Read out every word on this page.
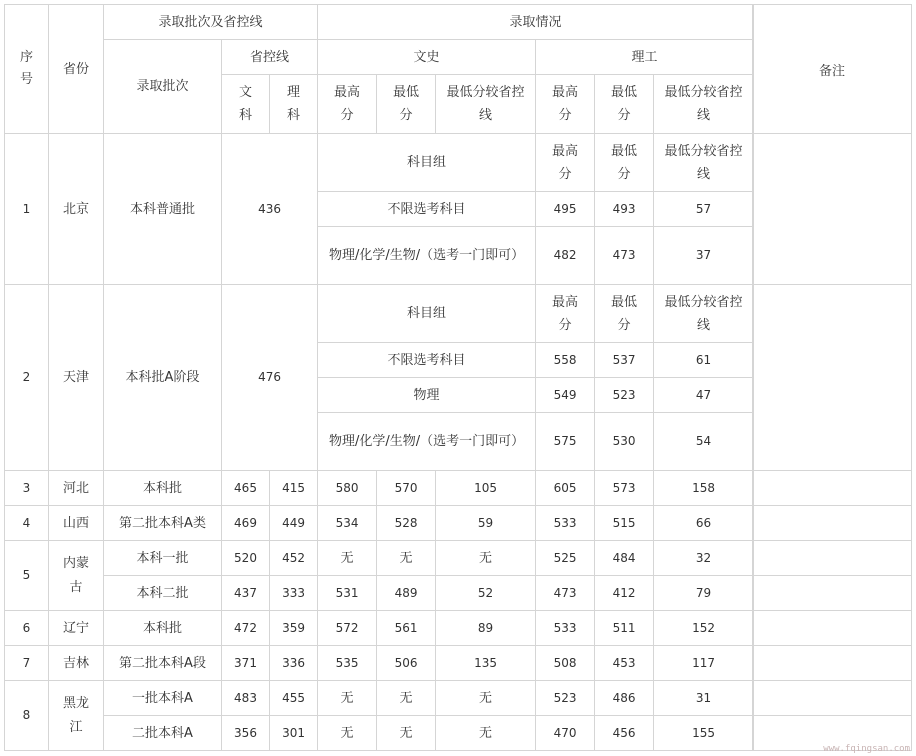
序号	省份	录取批次及省控线			录取情况					
		录取批次	省控线		文史			理工		
			文科	理科	最高分	最低分	最低分较省控线	最高分	最低分	最低分较省控线
1	北京	本科普通批	436		科目组			最高分	最低分	最低分较省控线
					不限选考科目			495	493	57
					物理/化学/生物/（选考一门即可）			482	473	37
2	天津	本科批A阶段	476		科目组			最高分	最低分	最低分较省控线
					不限选考科目			558	537	61
					物理			549	523	47
					物理/化学/生物/（选考一门即可）			575	530	54
3	河北	本科批	465	415	580	570	105	605	573	158
4	山西	第二批本科A类	469	449	534	528	59	533	515	66
5	内蒙古	本科一批	520	452	无	无	无	525	484	32
		本科二批	437	333	531	489	52	473	412	79
6	辽宁	本科批	472	359	572	561	89	533	511	152
7	吉林	第二批本科A段	371	336	535	506	135	508	453	117
8	黑龙江	一批本科A	483	455	无	无	无	523	486	31
		二批本科A	356	301	无	无	无	470	456	155
备注

www.fqingsan.com
